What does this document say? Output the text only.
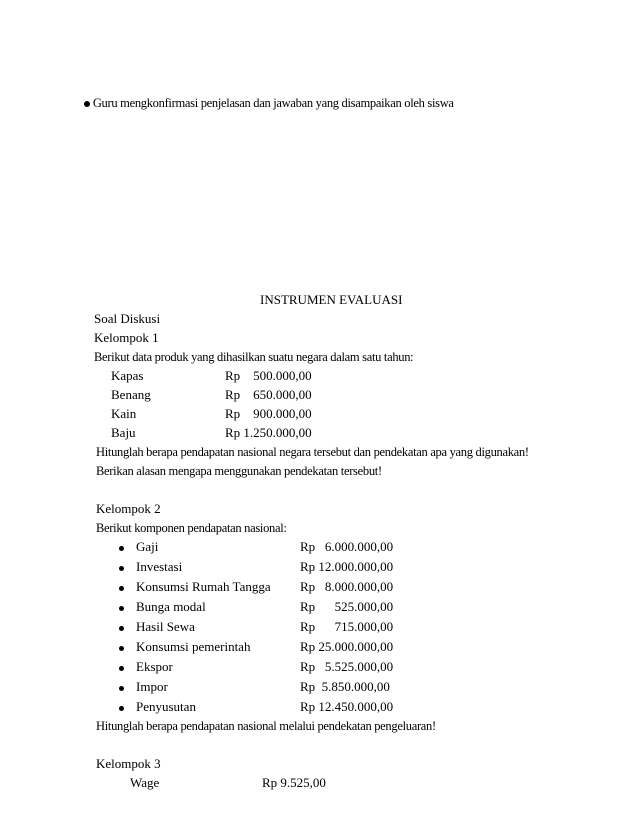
Guru mengkonfirmasi penjelasan dan jawaban yang disampaikan oleh siswa
INSTRUMEN EVALUASI
Soal Diskusi
Kelompok 1
Berikut data produk yang dihasilkan suatu negara dalam satu tahun:
Kapas	Rp    500.000,00
Benang	Rp    650.000,00
Kain	Rp    900.000,00
Baju	Rp 1.250.000,00
Hitunglah berapa pendapatan nasional negara tersebut dan pendekatan apa yang digunakan!
Berikan alasan mengapa menggunakan pendekatan tersebut!
Kelompok 2
Berikut komponen pendapatan nasional:
Gaji	Rp   6.000.000,00
Investasi	Rp 12.000.000,00
Konsumsi Rumah Tangga Rp   8.000.000,00
Bunga modal	Rp      525.000,00
Hasil Sewa	Rp      715.000,00
Konsumsi pemerintah	Rp 25.000.000,00
Ekspor	Rp   5.525.000,00
Impor	Rp  5.850.000,00
Penyusutan	Rp 12.450.000,00
Hitunglah berapa pendapatan nasional melalui pendekatan pengeluaran!
Kelompok 3
Wage	Rp 9.525,00
